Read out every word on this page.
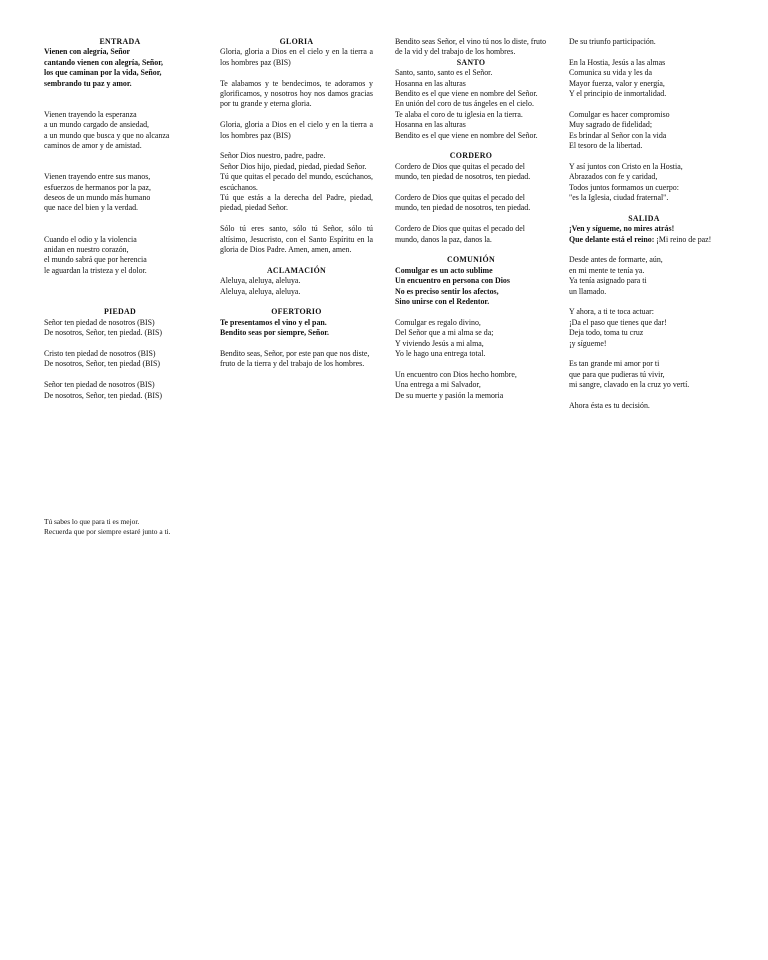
ENTRADA
Vienen con alegría, Señor
cantando vienen con alegría, Señor,
los que caminan por la vida, Señor,
sembrando tu paz y amor.
Vienen trayendo la esperanza
a un mundo cargado de ansiedad,
a un mundo que busca y que no alcanza
caminos de amor y de amistad.
Vienen trayendo entre sus manos,
esfuerzos de hermanos por la paz,
deseos de un mundo más humano
que nace del bien y la verdad.
Cuando el odio y la violencia
anidan en nuestro corazón,
el mundo sabrá que por herencia
le aguardan la tristeza y el dolor.
PIEDAD
Señor ten piedad de nosotros (BIS)
De nosotros, Señor, ten piedad. (BIS)
Cristo ten piedad de nosotros (BIS)
De nosotros, Señor, ten piedad (BIS)
Señor ten piedad de nosotros (BIS)
De nosotros, Señor, ten piedad. (BIS)
Tú sabes lo que para ti es mejor.
Recuerda que por siempre estaré junto a ti.
GLORIA
Gloria, gloria a Dios en el cielo y en la tierra a los hombres paz (BIS)
Te alabamos y te bendecimos, te adoramos y glorificamos, y nosotros hoy nos damos gracias por tu grande y eterna gloria.
Gloria, gloria a Dios en el cielo y en la tierra a los hombres paz (BIS)
Señor Dios nuestro, padre, padre.
Señor Dios hijo, piedad, piedad, piedad Señor.
Tú que quitas el pecado del mundo, escúchanos, escúchanos.
Tú que estás a la derecha del Padre, piedad, piedad, piedad Señor.
Sólo tú eres santo, sólo tú Señor, sólo tú altísimo, Jesucristo, con el Santo Espíritu en la gloria de Dios Padre. Amen, amen, amen.
ACLAMACIÓN
Aleluya, aleluya, aleluya.
Aleluya, aleluya, aleluya.
OFERTORIO
Te presentamos el vino y el pan.
Bendito seas por siempre, Señor.
Bendito seas, Señor, por este pan que nos diste, fruto de la tierra y del trabajo de los hombres.
Bendito seas Señor, el vino tú nos lo diste, fruto de la vid y del trabajo de los hombres.
SANTO
Santo, santo, santo es el Señor.
Hosanna en las alturas
Bendito es el que viene en nombre del Señor.
En unión del coro de tus ángeles en el cielo.
Te alaba el coro de tu iglesia en la tierra.
Hosanna en las alturas
Bendito es el que viene en nombre del Señor.
CORDERO
Cordero de Dios que quitas el pecado del mundo, ten piedad de nosotros, ten piedad.
Cordero de Dios que quitas el pecado del mundo, ten piedad de nosotros, ten piedad.
Cordero de Dios que quitas el pecado del mundo, danos la paz, danos la.
COMUNIÓN
Comulgar es un acto sublime
Un encuentro en persona con Dios
No es preciso sentir los afectos,
Sino unirse con el Redentor.
Comulgar es regalo divino,
Del Señor que a mi alma se da;
Y viviendo Jesús a mi alma,
Yo le hago una entrega total.
Un encuentro con Dios hecho hombre,
Una entrega a mi Salvador,
De su muerte y pasión la memoria
De su triunfo participación.
En la Hostia, Jesús a las almas
Comunica su vida y les da
Mayor fuerza, valor y energía,
Y el principio de inmortalidad.
Comulgar es hacer compromiso
Muy sagrado de fidelidad;
Es brindar al Señor con la vida
El tesoro de la libertad.
Y así juntos con Cristo en la Hostia,
Abrazados con fe y caridad,
Todos juntos formamos un cuerpo:
"es la Iglesia, ciudad fraternal".
SALIDA
¡Ven y sígueme, no mires atrás!
Que delante está el reino: ¡Mi reino de paz!
Desde antes de formarte, aún,
en mi mente te tenía ya.
Ya tenía asignado para ti
un llamado.
Y ahora, a ti te toca actuar:
¡Da el paso que tienes que dar!
Deja todo, toma tu cruz
¡y sígueme!
Es tan grande mi amor por ti
que para que pudieras tú vivir,
mi sangre, clavado en la cruz yo vertí.
Ahora ésta es tu decisión.
